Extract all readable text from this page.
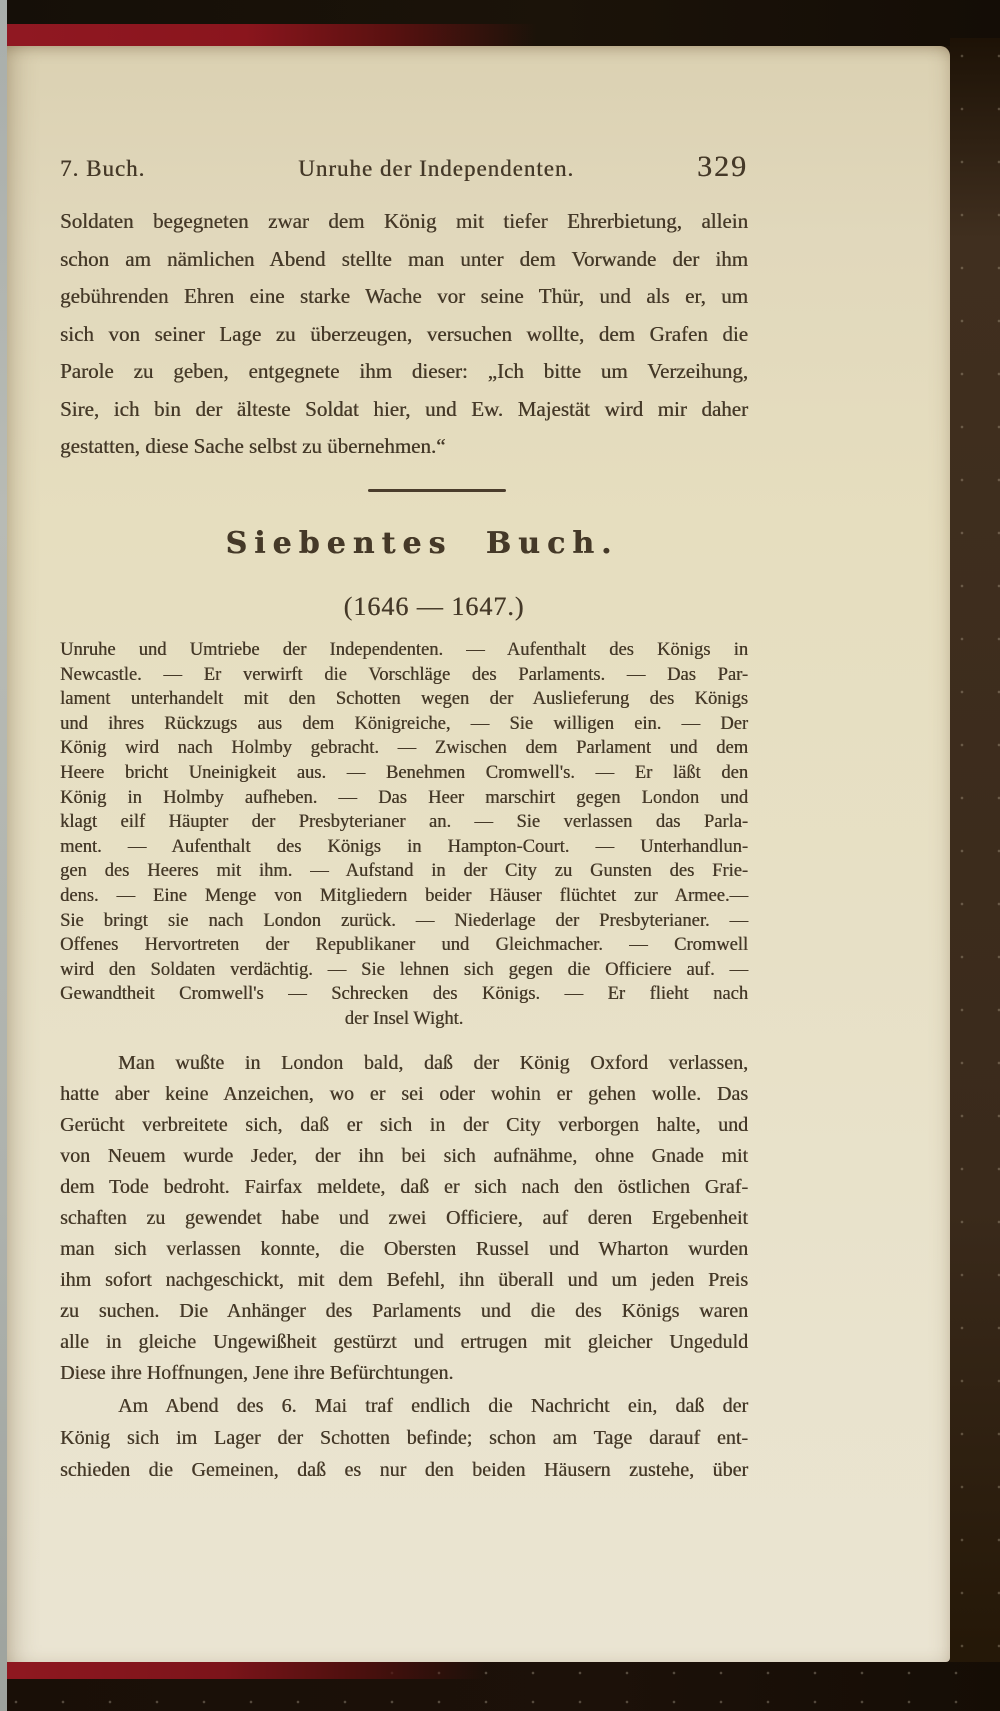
7. Buch.	Unruhe der Independenten.	329
Soldaten begegneten zwar dem König mit tiefer Ehrerbietung, allein
schon am nämlichen Abend stellte man unter dem Vorwande der ihm
gebührenden Ehren eine starke Wache vor seine Thür, und als er, um
sich von seiner Lage zu überzeugen, versuchen wollte, dem Grafen die
Parole zu geben, entgegnete ihm dieser: „Ich bitte um Verzeihung,
Sire, ich bin der älteste Soldat hier, und Ew. Majestät wird mir daher
gestatten, diese Sache selbst zu übernehmen.“
Siebentes Buch.
(1646 — 1647.)
Unruhe und Umtriebe der Independenten. — Aufenthalt des Königs in
Newcastle. — Er verwirft die Vorschläge des Parlaments. — Das Par-
lament unterhandelt mit den Schotten wegen der Auslieferung des Königs
und ihres Rückzugs aus dem Königreiche, — Sie willigen ein. — Der
König wird nach Holmby gebracht. — Zwischen dem Parlament und dem
Heere bricht Uneinigkeit aus. — Benehmen Cromwell's. — Er läßt den
König in Holmby aufheben. — Das Heer marschirt gegen London und
klagt eilf Häupter der Presbyterianer an. — Sie verlassen das Parla-
ment. — Aufenthalt des Königs in Hampton-Court. — Unterhandlun-
gen des Heeres mit ihm. — Aufstand in der City zu Gunsten des Frie-
dens. — Eine Menge von Mitgliedern beider Häuser flüchtet zur Armee.—
Sie bringt sie nach London zurück. — Niederlage der Presbyterianer. —
Offenes Hervortreten der Republikaner und Gleichmacher. — Cromwell
wird den Soldaten verdächtig. — Sie lehnen sich gegen die Officiere auf. —
Gewandtheit Cromwell's — Schrecken des Königs. — Er flieht nach
der Insel Wight.
Man wußte in London bald, daß der König Oxford verlassen,
hatte aber keine Anzeichen, wo er sei oder wohin er gehen wolle. Das
Gerücht verbreitete sich, daß er sich in der City verborgen halte, und
von Neuem wurde Jeder, der ihn bei sich aufnähme, ohne Gnade mit
dem Tode bedroht. Fairfax meldete, daß er sich nach den östlichen Graf-
schaften zu gewendet habe und zwei Officiere, auf deren Ergebenheit
man sich verlassen konnte, die Obersten Russel und Wharton wurden
ihm sofort nachgeschickt, mit dem Befehl, ihn überall und um jeden Preis
zu suchen. Die Anhänger des Parlaments und die des Königs waren
alle in gleiche Ungewißheit gestürzt und ertrugen mit gleicher Ungeduld
Diese ihre Hoffnungen, Jene ihre Befürchtungen.
Am Abend des 6. Mai traf endlich die Nachricht ein, daß der
König sich im Lager der Schotten befinde; schon am Tage darauf ent-
schieden die Gemeinen, daß es nur den beiden Häusern zustehe, über
